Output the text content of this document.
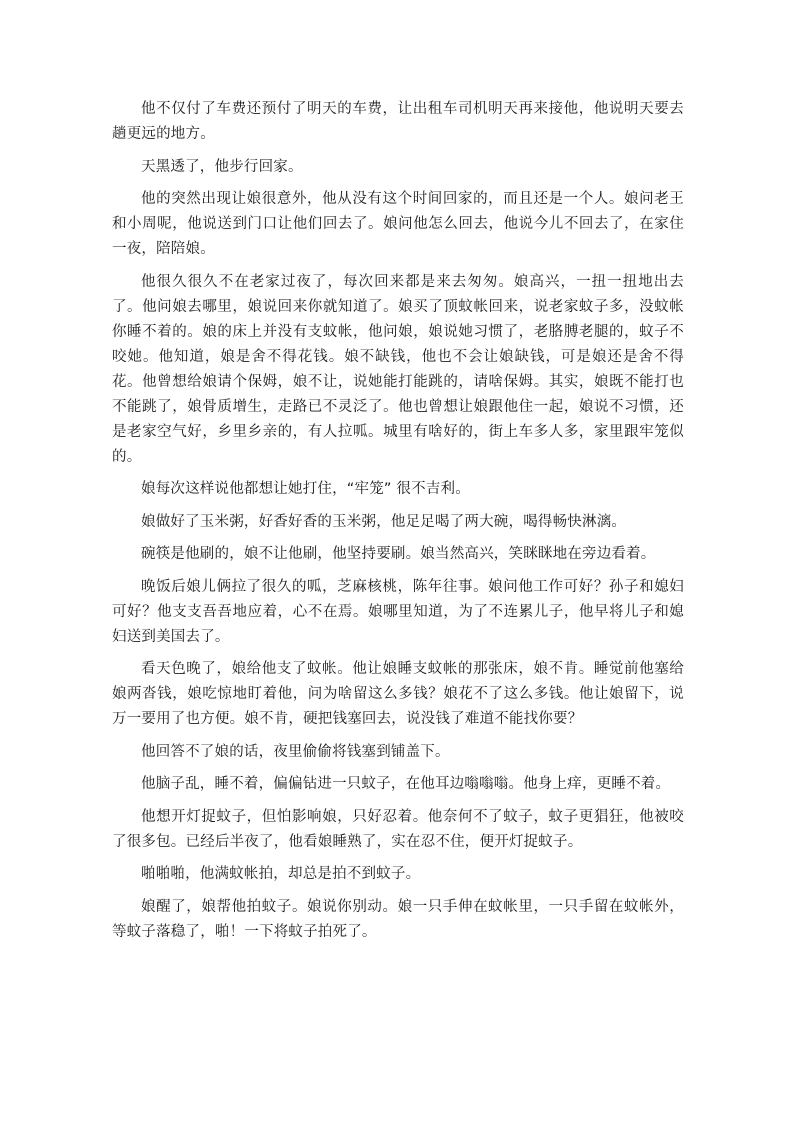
他不仅付了车费还预付了明天的车费，让出租车司机明天再来接他，他说明天要去趟更远的地方。

天黑透了，他步行回家。

他的突然出现让娘很意外，他从没有这个时间回家的，而且还是一个人。娘问老王和小周呢，他说送到门口让他们回去了。娘问他怎么回去，他说今儿不回去了，在家住一夜，陪陪娘。

他很久很久不在老家过夜了，每次回来都是来去匆匆。娘高兴，一扭一扭地出去了。他问娘去哪里，娘说回来你就知道了。娘买了顶蚊帐回来，说老家蚊子多，没蚊帐你睡不着的。娘的床上并没有支蚊帐，他问娘，娘说她习惯了，老胳膊老腿的，蚊子不咬她。他知道，娘是舍不得花钱。娘不缺钱，他也不会让娘缺钱，可是娘还是舍不得花。他曾想给娘请个保姆，娘不让，说她能打能跳的，请啥保姆。其实，娘既不能打也不能跳了，娘骨质增生，走路已不灵泛了。他也曾想让娘跟他住一起，娘说不习惯，还是老家空气好，乡里乡亲的，有人拉呱。城里有啥好的，街上车多人多，家里跟牢笼似的。

娘每次这样说他都想让她打住，“牢笼” 很不吉利。

娘做好了玉米粥，好香好香的玉米粥，他足足喝了两大碗，喝得畅快淋漓。

碗筷是他刷的，娘不让他刷，他坚持要刷。娘当然高兴，笑眯眯地在旁边看着。

晚饭后娘儿俩拉了很久的呱，芝麻核桃，陈年往事。娘问他工作可好？孙子和媳妇可好？他支支吾吾地应着，心不在焉。娘哪里知道，为了不连累儿子，他早将儿子和媳妇送到美国去了。

看天色晚了，娘给他支了蚊帐。他让娘睡支蚊帐的那张床，娘不肯。睡觉前他塞给娘两沓钱，娘吃惊地盯着他，问为啥留这么多钱？娘花不了这么多钱。他让娘留下，说万一要用了也方便。娘不肯，硬把钱塞回去，说没钱了难道不能找你要？

他回答不了娘的话，夜里偷偷将钱塞到铺盖下。

他脑子乱，睡不着，偏偏钻进一只蚊子，在他耳边嗡嗡嗡。他身上痒，更睡不着。

他想开灯捉蚊子，但怕影响娘，只好忍着。他奈何不了蚊子，蚊子更猖狂，他被咬了很多包。已经后半夜了，他看娘睡熟了，实在忍不住，便开灯捉蚊子。

啪啪啪，他满蚊帐拍，却总是拍不到蚊子。

娘醒了，娘帮他拍蚊子。娘说你别动。娘一只手伸在蚊帐里，一只手留在蚊帐外，等蚊子落稳了，啪！一下将蚊子拍死了。
